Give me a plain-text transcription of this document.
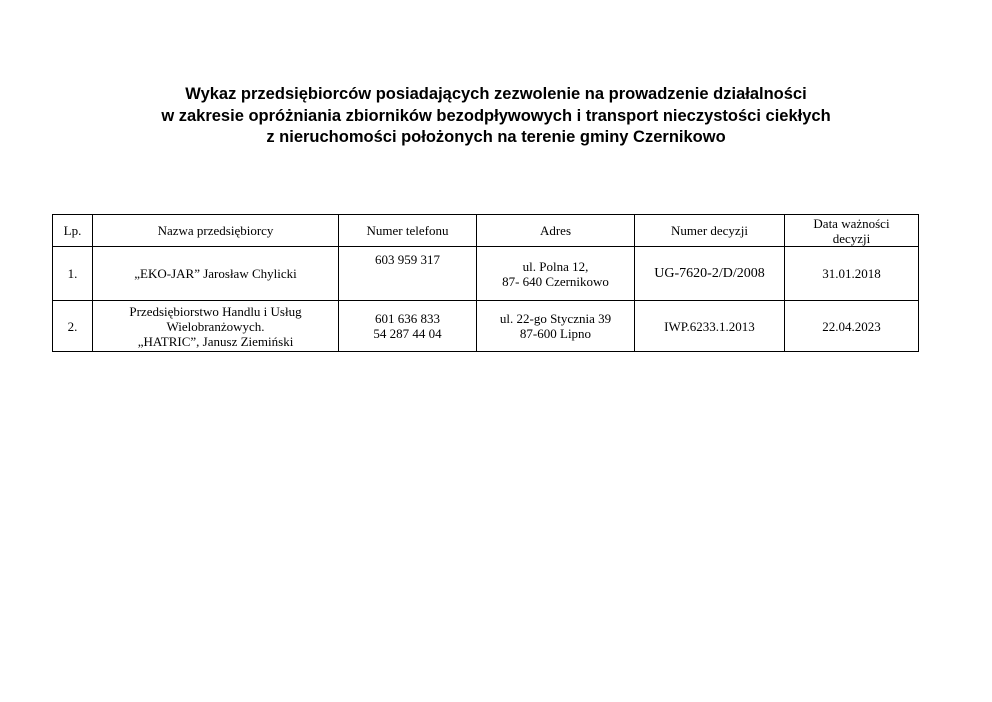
Wykaz przedsiębiorców posiadających zezwolenie na prowadzenie działalności
w zakresie opróżniania zbiorników bezodpływowych i transport nieczystości ciekłych
z nieruchomości położonych na terenie gminy Czernikowo
Lp.	Nazwa przedsiębiorcy	Numer telefonu	Adres	Numer decyzji	Data ważności
decyzji

1.	„EKO-JAR” Jarosław Chylicki	603 959 317	ul. Polna 12,
87- 640 Czernikowo	UG-7620-2/D/2008	31.01.2018
2.	Przedsiębiorstwo Handlu i Usług
Wielobranżowych.
„HATRIC”, Janusz Ziemiński	601 636 833
54 287 44 04	ul. 22-go Stycznia 39
87-600 Lipno	IWP.6233.1.2013	22.04.2023
